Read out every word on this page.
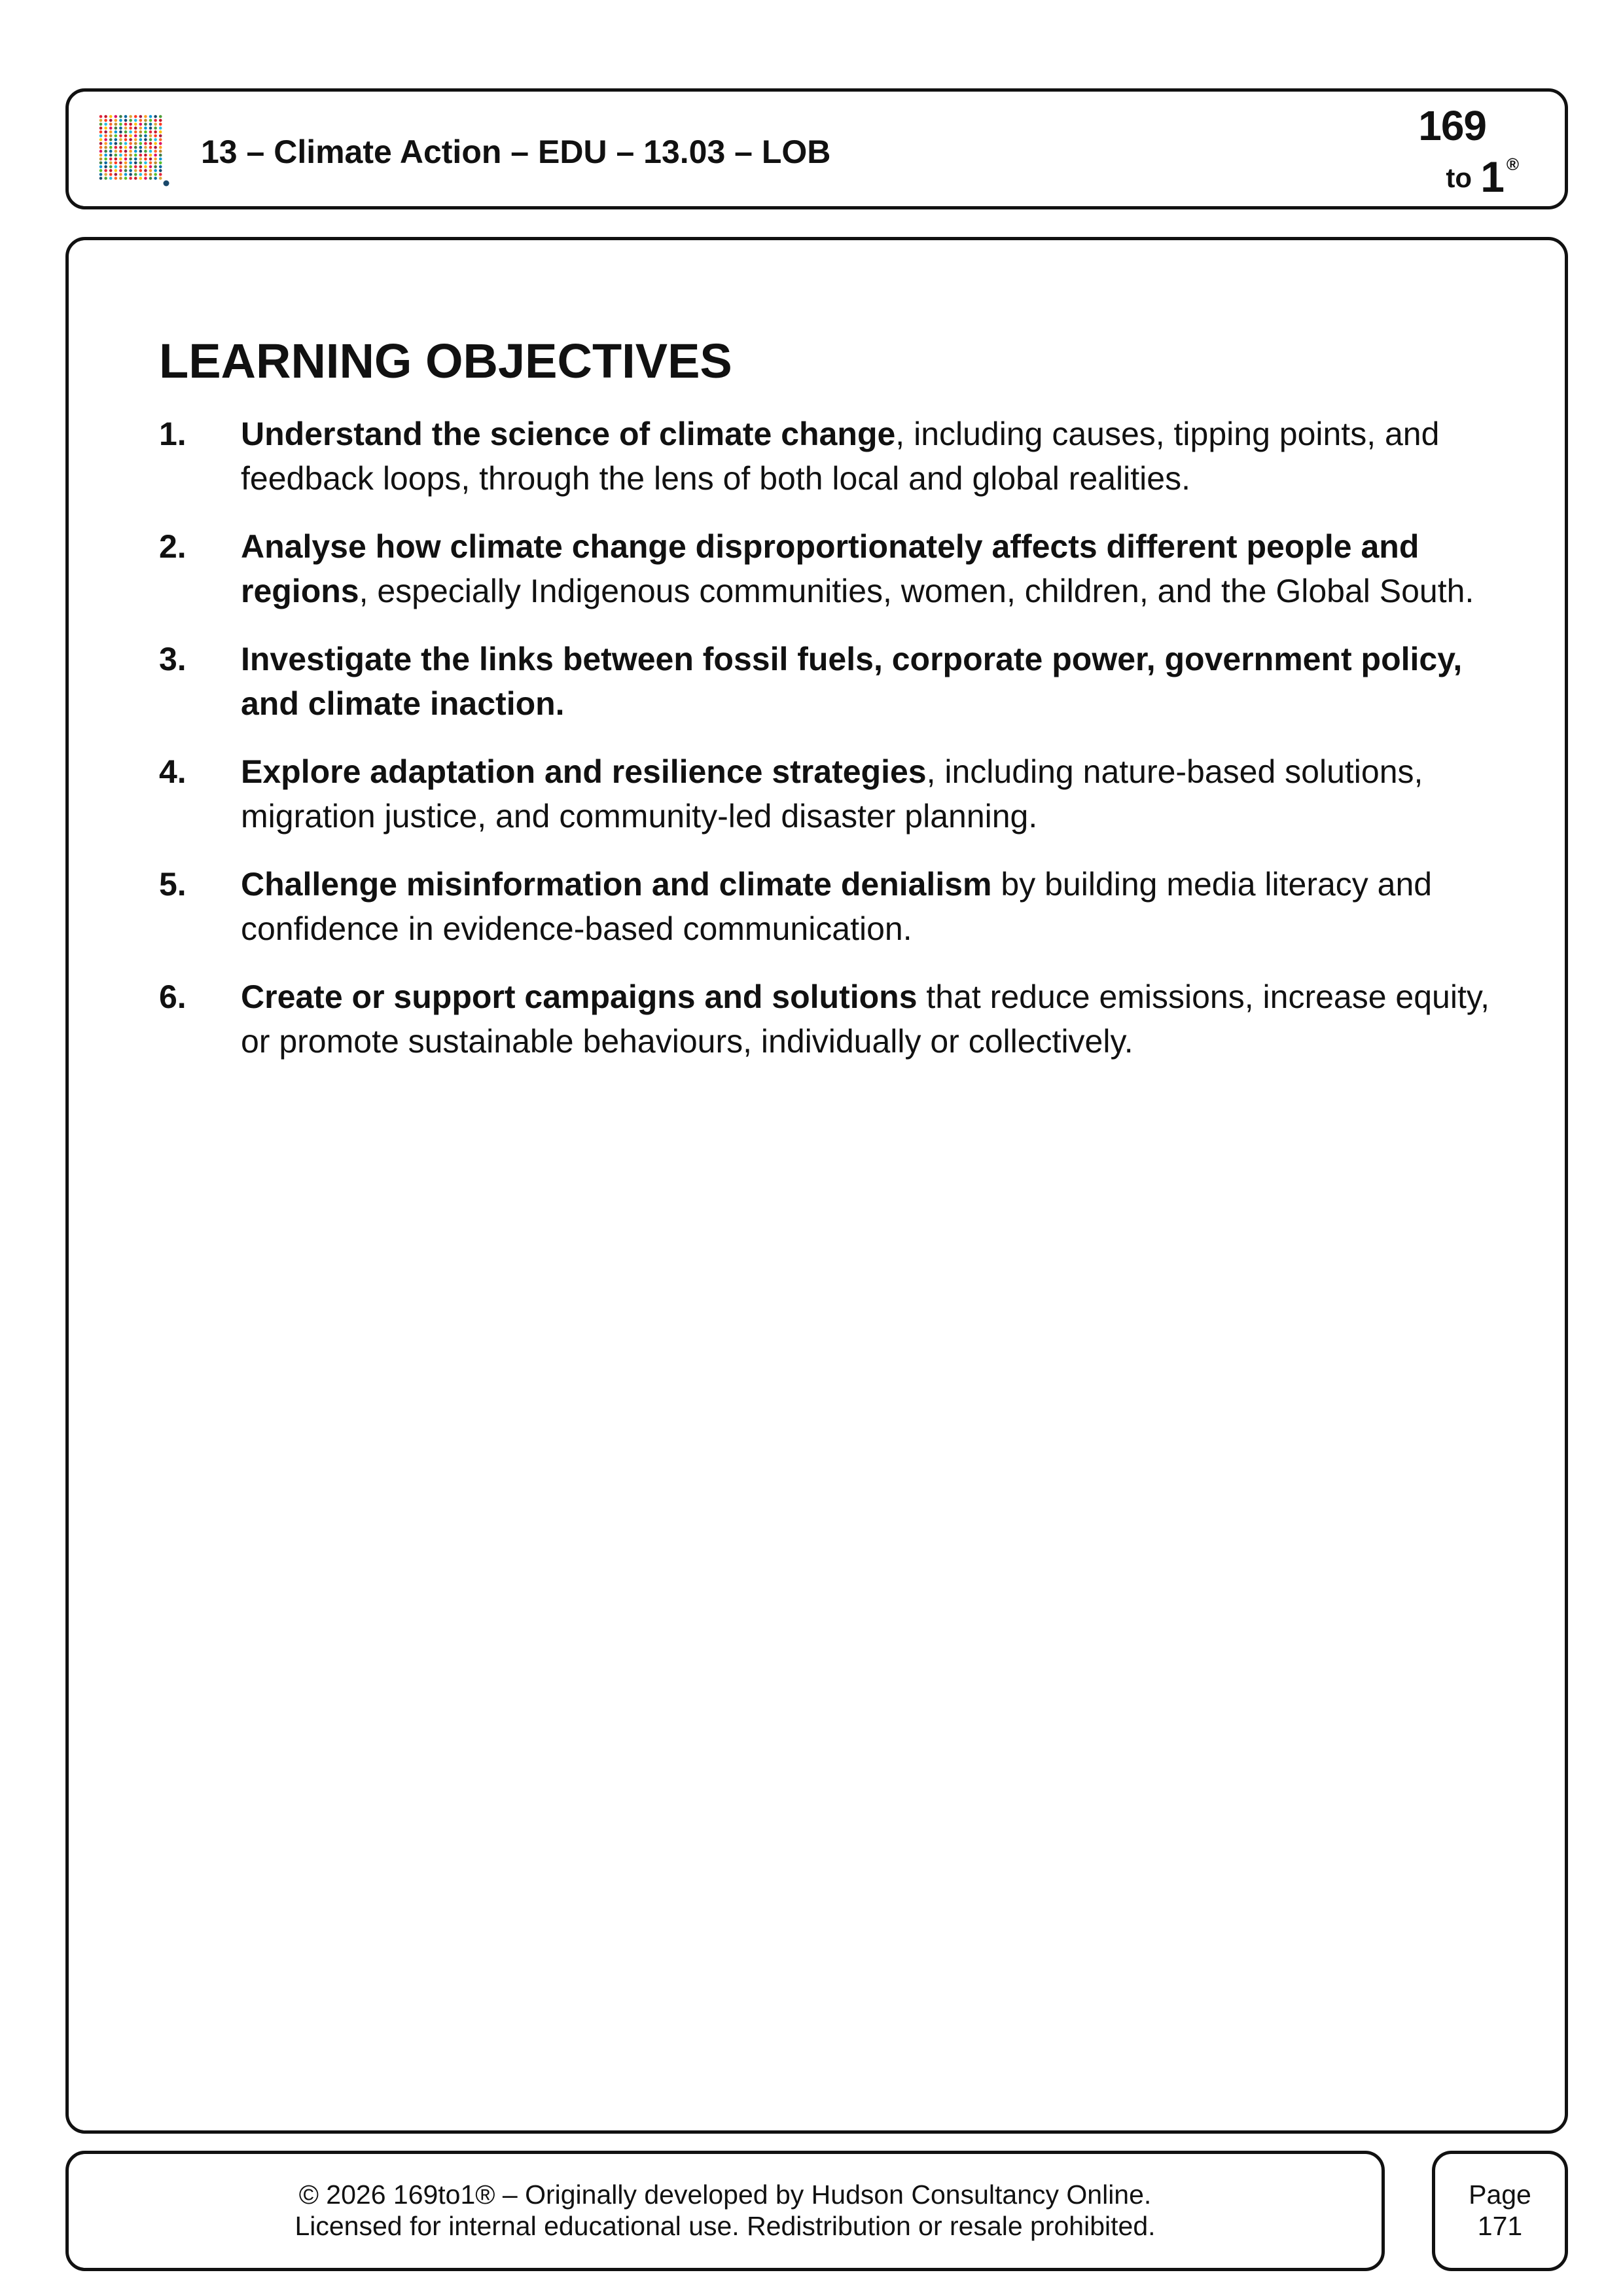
13 – Climate Action – EDU – 13.03 – LOB
169
to 1 ®
LEARNING OBJECTIVES
1. Understand the science of climate change, including causes, tipping points, and feedback loops, through the lens of both local and global realities.
2. Analyse how climate change disproportionately affects different people and regions, especially Indigenous communities, women, children, and the Global South.
3. Investigate the links between fossil fuels, corporate power, government policy, and climate inaction.
4. Explore adaptation and resilience strategies, including nature-based solutions, migration justice, and community-led disaster planning.
5. Challenge misinformation and climate denialism by building media literacy and confidence in evidence-based communication.
6. Create or support campaigns and solutions that reduce emissions, increase equity, or promote sustainable behaviours, individually or collectively.
© 2026 169to1® – Originally developed by Hudson Consultancy Online.
Licensed for internal educational use. Redistribution or resale prohibited.
Page
171
